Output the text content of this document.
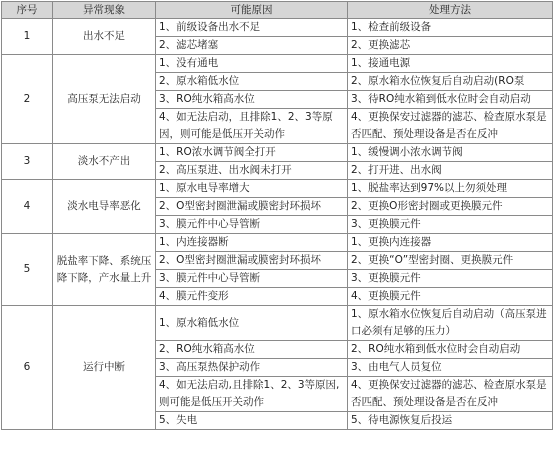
序号	异常现象	可能原因	处理方法
1	出水不足	1、前级设备出水不足	1、检查前级设备
		2、滤芯堵塞	2、更换滤芯
2	高压泵无法启动	1、没有通电	1、接通电源
		2、原水箱低水位	2、原水箱水位恢复后自动启动(RO泵
		3、RO纯水箱高水位	3、待RO纯水箱到低水位时会自动启动
		4、如无法启动，且排除1、2、3等原因，则可能是低压开关动作	4、更换保安过滤器的滤芯、检查原水泵是否匹配、预处理设备是否在反冲
3	淡水不产出	1、RO浓水调节阀全打开	1、缓慢调小浓水调节阀
		2、高压泵进、出水阀未打开	2、打开进、出水阀
4	淡水电导率恶化	1、原水电导率增大	1、脱盐率达到97%以上勿须处理
		2、O型密封圈泄漏或膜密封环损坏	2、更换O形密封圈或更换膜元件
		3、膜元件中心导管断	3、更换膜元件
5	脱盐率下降、系统压降下降，产水量上升	1、内连接器断	1、更换内连接器
		2、O型密封圈泄漏或膜密封环损坏	2、更换“O”型密封圈、更换膜元件
		3、膜元件中心导管断	3、更换膜元件
		4、膜元件变形	4、更换膜元件
6	运行中断	1、原水箱低水位	1、原水箱水位恢复后自动启动（高压泵进口必须有足够的压力）
		2、RO纯水箱高水位	2、RO纯水箱到低水位时会自动启动
		3、高压泵热保护动作	3、由电气人员复位
		4、如无法启动,且排除1、2、3等原因,则可能是低压开关动作	4、更换保安过滤器的滤芯、检查原水泵是否匹配、预处理设备是否在反冲
		5、失电	5、待电源恢复后投运
